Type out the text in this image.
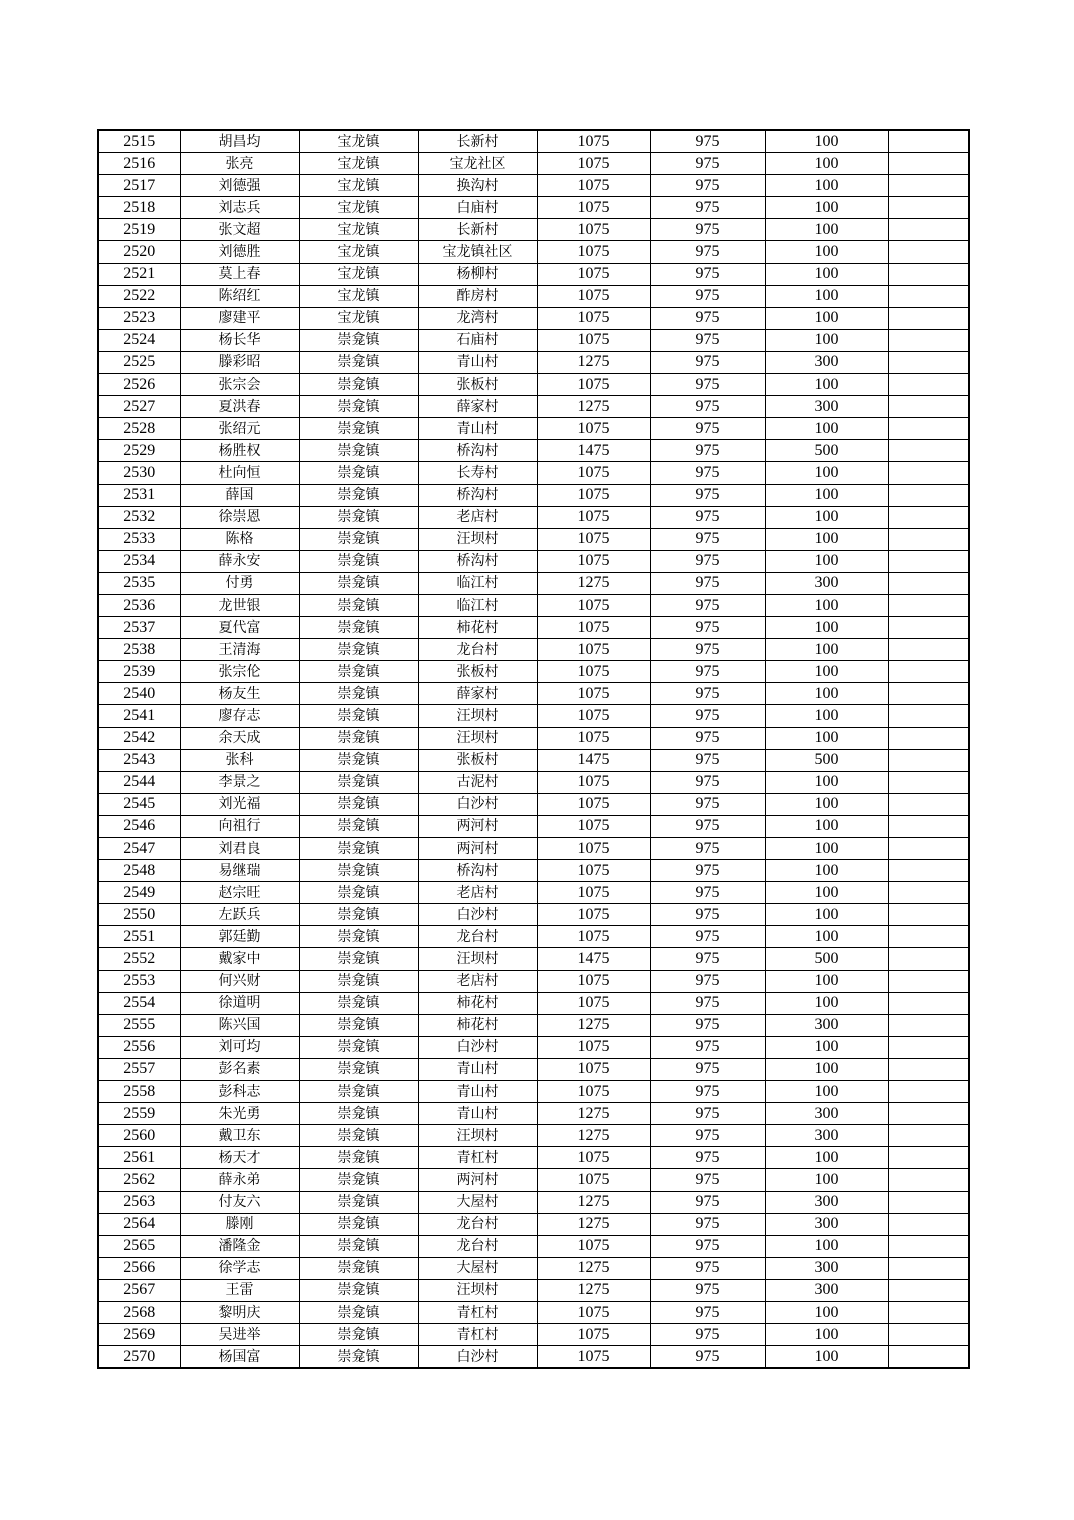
2515	胡昌均	宝龙镇	长新村	1075	975	100	
2516	张亮	宝龙镇	宝龙社区	1075	975	100	
2517	刘德强	宝龙镇	换沟村	1075	975	100	
2518	刘志兵	宝龙镇	白庙村	1075	975	100	
2519	张文超	宝龙镇	长新村	1075	975	100	
2520	刘德胜	宝龙镇	宝龙镇社区	1075	975	100	
2521	莫上春	宝龙镇	杨柳村	1075	975	100	
2522	陈绍红	宝龙镇	酢房村	1075	975	100	
2523	廖建平	宝龙镇	龙湾村	1075	975	100	
2524	杨长华	崇龛镇	石庙村	1075	975	100	
2525	滕彩昭	崇龛镇	青山村	1275	975	300	
2526	张宗会	崇龛镇	张板村	1075	975	100	
2527	夏洪春	崇龛镇	薛家村	1275	975	300	
2528	张绍元	崇龛镇	青山村	1075	975	100	
2529	杨胜权	崇龛镇	桥沟村	1475	975	500	
2530	杜向恒	崇龛镇	长寿村	1075	975	100	
2531	薛国	崇龛镇	桥沟村	1075	975	100	
2532	徐崇恩	崇龛镇	老店村	1075	975	100	
2533	陈格	崇龛镇	汪坝村	1075	975	100	
2534	薛永安	崇龛镇	桥沟村	1075	975	100	
2535	付勇	崇龛镇	临江村	1275	975	300	
2536	龙世银	崇龛镇	临江村	1075	975	100	
2537	夏代富	崇龛镇	柿花村	1075	975	100	
2538	王清海	崇龛镇	龙台村	1075	975	100	
2539	张宗伦	崇龛镇	张板村	1075	975	100	
2540	杨友生	崇龛镇	薛家村	1075	975	100	
2541	廖存志	崇龛镇	汪坝村	1075	975	100	
2542	余天成	崇龛镇	汪坝村	1075	975	100	
2543	张科	崇龛镇	张板村	1475	975	500	
2544	李景之	崇龛镇	古泥村	1075	975	100	
2545	刘光福	崇龛镇	白沙村	1075	975	100	
2546	向祖行	崇龛镇	两河村	1075	975	100	
2547	刘君良	崇龛镇	两河村	1075	975	100	
2548	易继瑞	崇龛镇	桥沟村	1075	975	100	
2549	赵宗旺	崇龛镇	老店村	1075	975	100	
2550	左跃兵	崇龛镇	白沙村	1075	975	100	
2551	郭廷勤	崇龛镇	龙台村	1075	975	100	
2552	戴家中	崇龛镇	汪坝村	1475	975	500	
2553	何兴财	崇龛镇	老店村	1075	975	100	
2554	徐道明	崇龛镇	柿花村	1075	975	100	
2555	陈兴国	崇龛镇	柿花村	1275	975	300	
2556	刘可均	崇龛镇	白沙村	1075	975	100	
2557	彭名素	崇龛镇	青山村	1075	975	100	
2558	彭科志	崇龛镇	青山村	1075	975	100	
2559	朱光勇	崇龛镇	青山村	1275	975	300	
2560	戴卫东	崇龛镇	汪坝村	1275	975	300	
2561	杨天才	崇龛镇	青杠村	1075	975	100	
2562	薛永弟	崇龛镇	两河村	1075	975	100	
2563	付友六	崇龛镇	大屋村	1275	975	300	
2564	滕刚	崇龛镇	龙台村	1275	975	300	
2565	潘隆金	崇龛镇	龙台村	1075	975	100	
2566	徐学志	崇龛镇	大屋村	1275	975	300	
2567	王雷	崇龛镇	汪坝村	1275	975	300	
2568	黎明庆	崇龛镇	青杠村	1075	975	100	
2569	吴进举	崇龛镇	青杠村	1075	975	100	
2570	杨国富	崇龛镇	白沙村	1075	975	100	
